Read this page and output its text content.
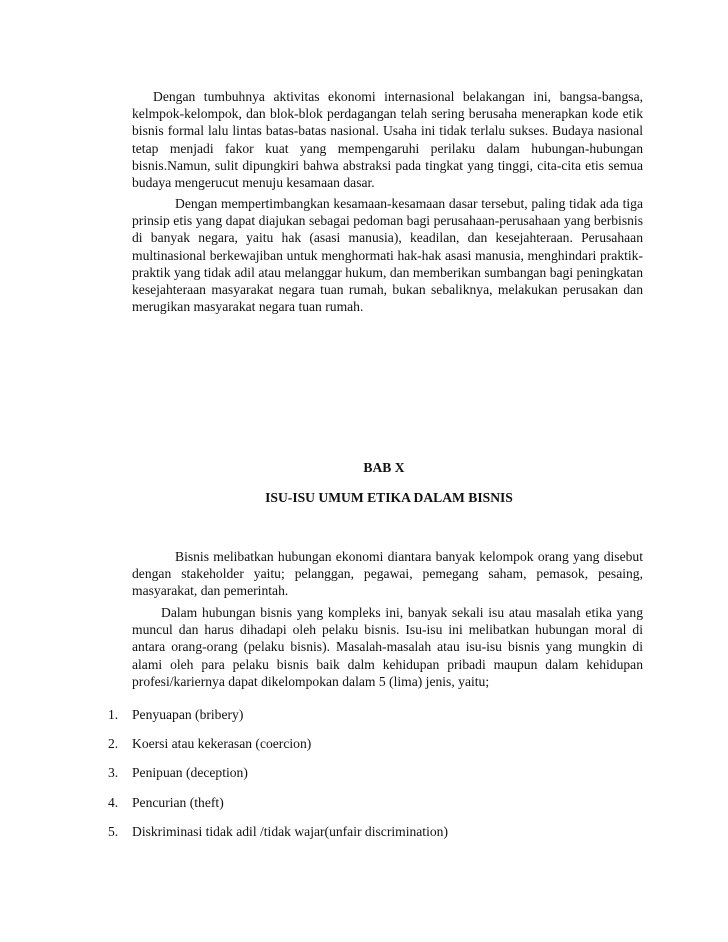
Dengan tumbuhnya aktivitas ekonomi internasional belakangan ini, bangsa-bangsa, kelmpok-kelompok, dan blok-blok perdagangan telah sering berusaha menerapkan kode etik bisnis formal lalu lintas batas-batas nasional. Usaha ini tidak terlalu sukses. Budaya nasional tetap menjadi fakor kuat yang mempengaruhi perilaku dalam hubungan-hubungan bisnis.Namun, sulit dipungkiri bahwa abstraksi pada tingkat yang tinggi, cita-cita etis semua budaya mengerucut menuju kesamaan dasar.

Dengan mempertimbangkan kesamaan-kesamaan dasar tersebut, paling tidak ada tiga prinsip etis yang dapat diajukan sebagai pedoman bagi perusahaan-perusahaan yang berbisnis di banyak negara, yaitu hak (asasi manusia), keadilan, dan kesejahteraan. Perusahaan multinasional berkewajiban untuk menghormati hak-hak asasi manusia, menghindari praktik-praktik yang tidak adil atau melanggar hukum, dan memberikan sumbangan bagi peningkatan kesejahteraan masyarakat negara tuan rumah, bukan sebaliknya, melakukan perusakan dan merugikan masyarakat negara tuan rumah.

BAB X

ISU-ISU UMUM ETIKA DALAM BISNIS

Bisnis melibatkan hubungan ekonomi diantara banyak kelompok orang yang disebut dengan stakeholder yaitu; pelanggan, pegawai, pemegang saham, pemasok, pesaing, masyarakat, dan pemerintah.

Dalam hubungan bisnis yang kompleks ini, banyak sekali isu atau masalah etika yang muncul dan harus dihadapi oleh pelaku bisnis. Isu-isu ini melibatkan hubungan moral di antara orang-orang (pelaku bisnis). Masalah-masalah atau isu-isu bisnis yang mungkin di alami oleh para pelaku bisnis baik dalm kehidupan pribadi maupun dalam kehidupan profesi/kariernya dapat dikelompokan dalam 5 (lima) jenis, yaitu;

1. Penyuapan (bribery)
2. Koersi atau kekerasan (coercion)
3. Penipuan (deception)
4. Pencurian (theft)
5. Diskriminasi tidak adil /tidak wajar(unfair discrimination)
